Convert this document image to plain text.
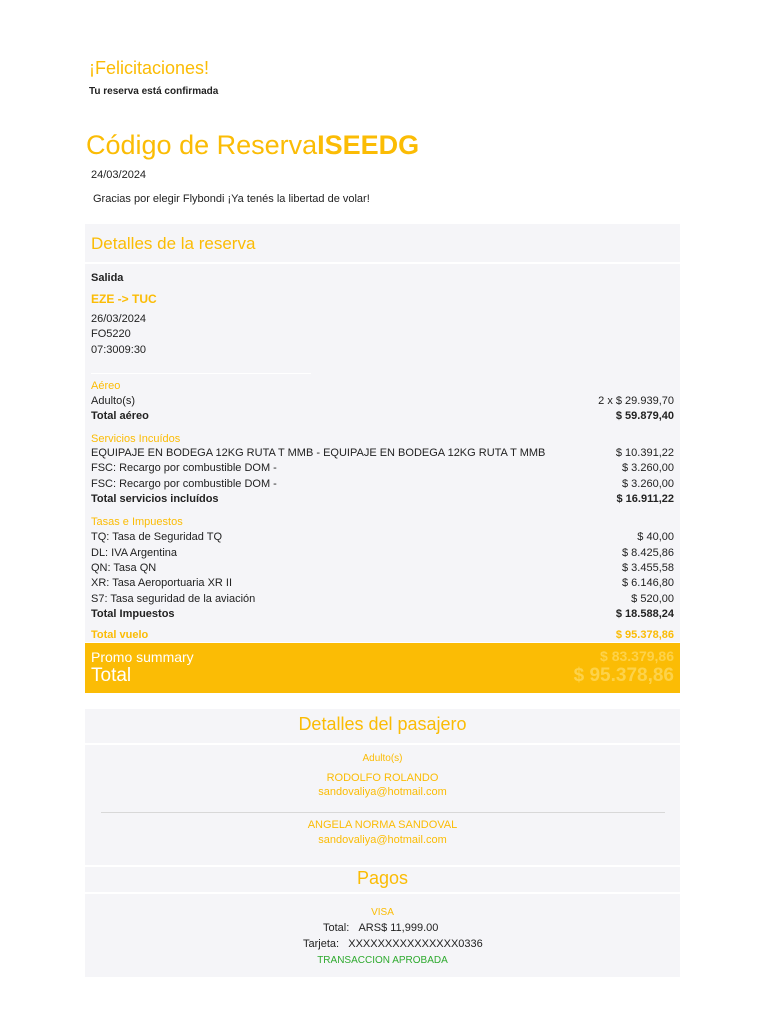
¡Felicitaciones!
Tu reserva está confirmada
Código de ReservaISEEDG
24/03/2024
Gracias por elegir Flybondi ¡Ya tenés la libertad de volar!
Detalles de la reserva
Salida
EZE -> TUC
26/03/2024
FO5220
07:3009:30
Aéreo
Adulto(s)	2 x $ 29.939,70
Total aéreo	$ 59.879,40
Servicios Incuídos
EQUIPAJE EN BODEGA 12KG RUTA T MMB - EQUIPAJE EN BODEGA 12KG RUTA T MMB	$ 10.391,22
FSC: Recargo por combustible DOM -	$ 3.260,00
FSC: Recargo por combustible DOM -	$ 3.260,00
Total servicios incluídos	$ 16.911,22
Tasas e Impuestos
TQ: Tasa de Seguridad TQ	$ 40,00
DL: IVA Argentina	$ 8.425,86
QN: Tasa QN	$ 3.455,58
XR: Tasa Aeroportuaria XR II	$ 6.146,80
S7: Tasa seguridad de la aviación	$ 520,00
Total Impuestos	$ 18.588,24
Total vuelo	$ 95.378,86
Promo summary	$ 83.379,86
Total	$ 95.378,86
Detalles del pasajero
Adulto(s)
RODOLFO ROLANDO
sandovaliya@hotmail.com
ANGELA NORMA SANDOVAL
sandovaliya@hotmail.com
Pagos
VISA
Total: ARS$ 11,999.00
Tarjeta: XXXXXXXXXXXXXXX0336
TRANSACCION APROBADA
